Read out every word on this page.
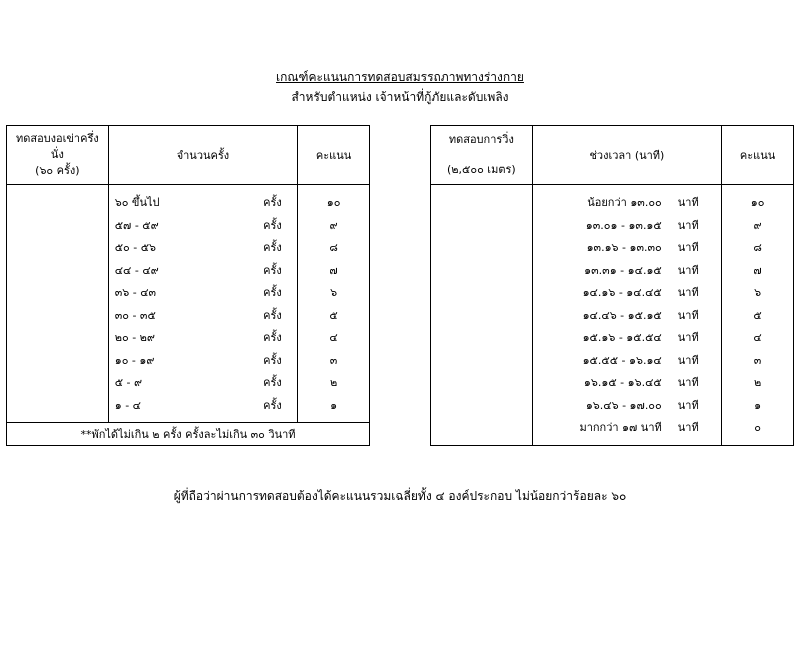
เกณฑ์คะแนนการทดสอบสมรรถภาพทางร่างกาย
สำหรับตำแหน่ง เจ้าหน้าที่กู้ภัยและดับเพลิง
ทดสอบงอเข่าครึ่ง
นั่ง
(๖๐ ครั้ง)	จำนวนครั้ง		คะแนน

	๖๐ ขึ้นไป	ครั้ง	๑๐
	๕๗ - ๕๙	ครั้ง	๙
	๕๐ - ๕๖	ครั้ง	๘
	๔๔ - ๔๙	ครั้ง	๗
	๓๖ - ๔๓	ครั้ง	๖
	๓๐ - ๓๕	ครั้ง	๕
	๒๐ - ๒๙	ครั้ง	๔
	๑๐ - ๑๙	ครั้ง	๓
	๕ - ๙	ครั้ง	๒
	๑ - ๔	ครั้ง	๑

**พักได้ไม่เกิน ๒ ครั้ง ครั้งละไม่เกิน ๓๐ วินาที			
ทดสอบการวิ่ง
(๒,๕๐๐ เมตร)	ช่วงเวลา (นาที)		คะแนน

	น้อยกว่า ๑๓.๐๐	นาที	๑๐
	๑๓.๐๑ - ๑๓.๑๕	นาที	๙
	๑๓.๑๖ - ๑๓.๓๐	นาที	๘
	๑๓.๓๑ - ๑๔.๑๕	นาที	๗
	๑๔.๑๖ - ๑๔.๔๕	นาที	๖
	๑๔.๔๖ - ๑๕.๑๕	นาที	๕
	๑๕.๑๖ - ๑๕.๕๔	นาที	๔
	๑๕.๕๕ - ๑๖.๑๔	นาที	๓
	๑๖.๑๕ - ๑๖.๔๕	นาที	๒
	๑๖.๔๖ - ๑๗.๐๐	นาที	๑
	มากกว่า ๑๗ นาที	นาที	๐

ผู้ที่ถือว่าผ่านการทดสอบต้องได้คะแนนรวมเฉลี่ยทั้ง ๔ องค์ประกอบ ไม่น้อยกว่าร้อยละ ๖๐
